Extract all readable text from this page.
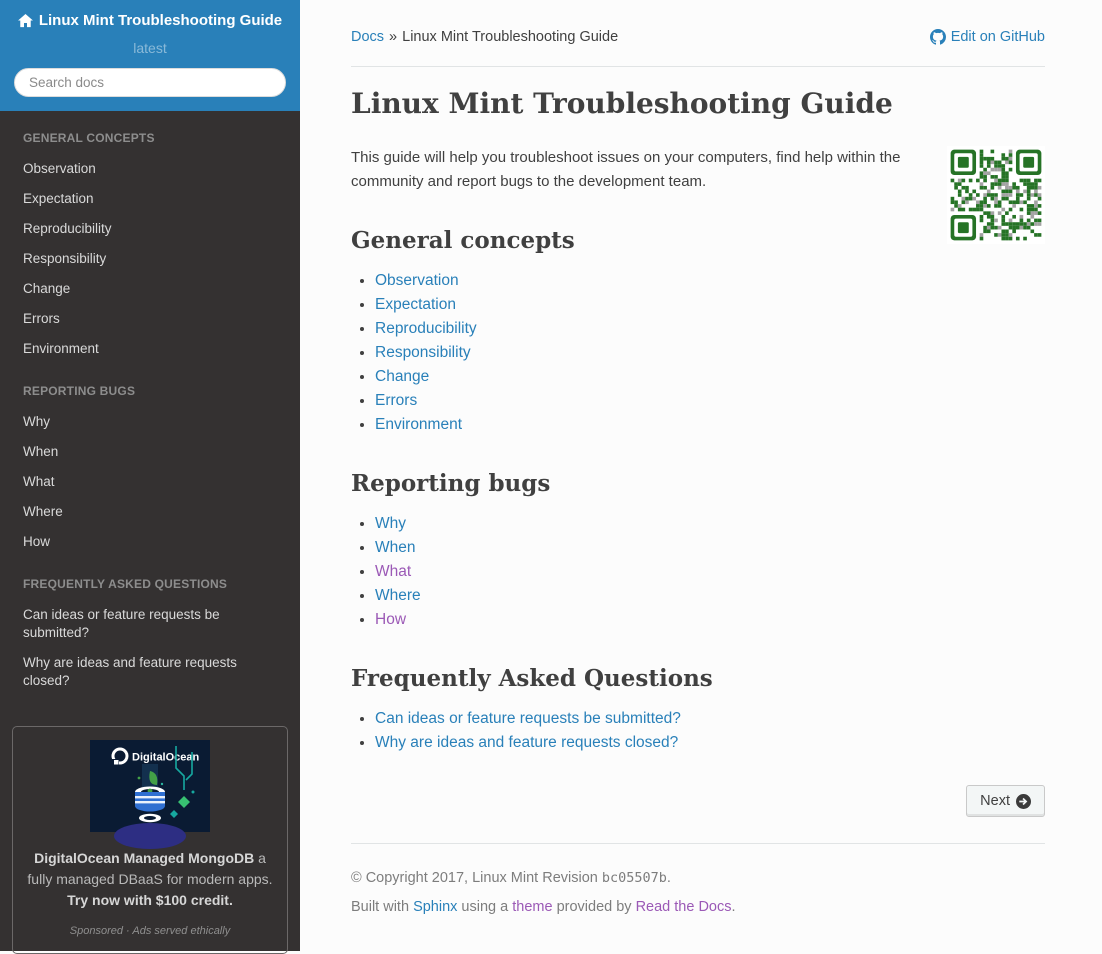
Linux Mint Troubleshooting Guide
latest
Search docs

GENERAL CONCEPTS

Observation
Expectation
Reproducibility
Responsibility
Change
Errors
Environment

REPORTING BUGS

Why
When
What
Where
How

FREQUENTLY ASKED QUESTIONS

Can ideas or feature requests be submitted?
Why are ideas and feature requests closed?
DigitalOcean

DigitalOcean Managed MongoDB a fully managed DBaaS for modern apps. Try now with $100 credit.

Sponsored · Ads served ethically

Docs » Linux Mint Troubleshooting Guide	Edit on GitHub
Linux Mint Troubleshooting Guide

This guide will help you troubleshoot issues on your computers, find help within the community and report bugs to the development team.

General concepts
• Observation
• Expectation
• Reproducibility
• Responsibility
• Change
• Errors
• Environment
Reporting bugs
• Why
• When
• What
• Where
• How
Frequently Asked Questions
• Can ideas or feature requests be submitted?
• Why are ideas and feature requests closed?
Next

© Copyright 2017, Linux Mint Revision bc05507b.

Built with Sphinx using a theme provided by Read the Docs.
